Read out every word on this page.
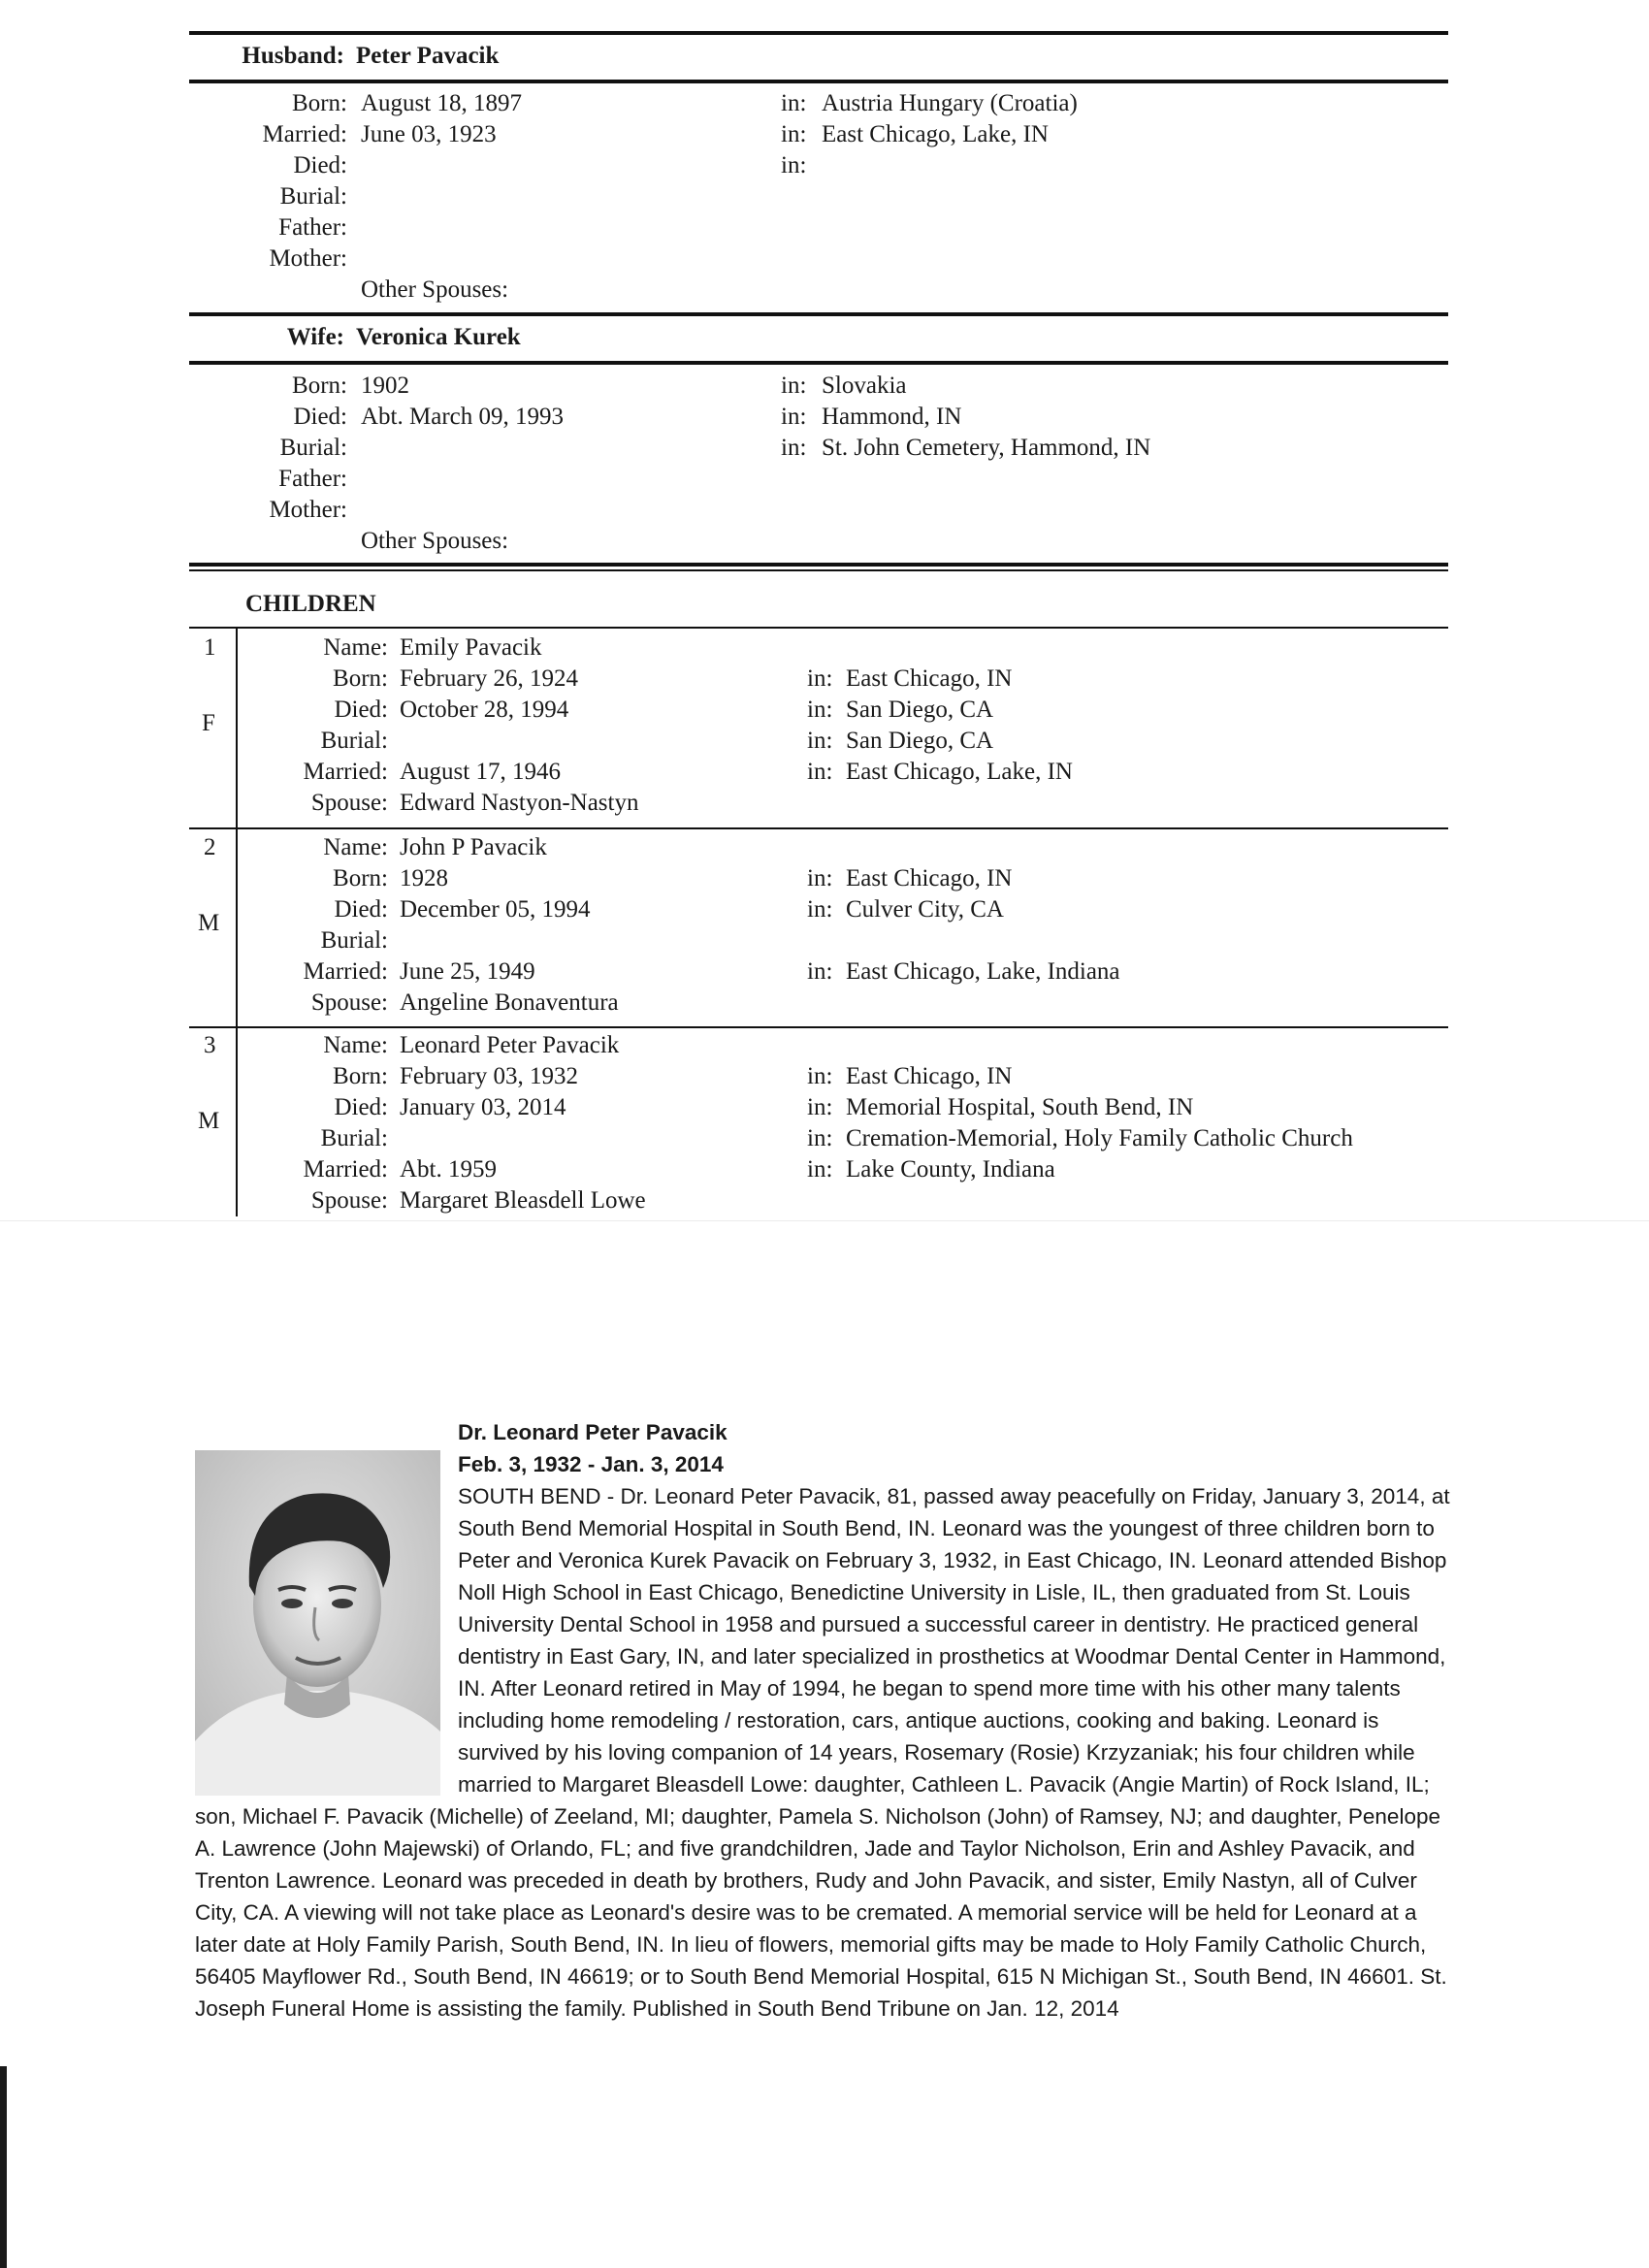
Husband: Peter Pavacik
Born: August 18, 1897	in: Austria Hungary (Croatia)
Married: June 03, 1923	in: East Chicago, Lake, IN
Died:	in:
Burial:
Father:
Mother:
Other Spouses:
Wife: Veronica Kurek
Born: 1902	in: Slovakia
Died: Abt. March 09, 1993	in: Hammond, IN
Burial:	in: St. John Cemetery, Hammond, IN
Father:
Mother:
Other Spouses:
CHILDREN
1
F
Name: Emily Pavacik
Born: February 26, 1924	in: East Chicago, IN
Died: October 28, 1994	in: San Diego, CA
Burial:	in: San Diego, CA
Married: August 17, 1946	in: East Chicago, Lake, IN
Spouse: Edward Nastyon-Nastyn
2
M
Name: John P Pavacik
Born: 1928	in: East Chicago, IN
Died: December 05, 1994	in: Culver City, CA
Burial:
Married: June 25, 1949	in: East Chicago, Lake, Indiana
Spouse: Angeline Bonaventura
3
M
Name: Leonard Peter Pavacik
Born: February 03, 1932	in: East Chicago, IN
Died: January 03, 2014	in: Memorial Hospital, South Bend, IN
Burial:	in: Cremation-Memorial, Holy Family Catholic Church
Married: Abt. 1959	in: Lake County, Indiana
Spouse: Margaret Bleasdell Lowe
Dr. Leonard Peter Pavacik
Feb. 3, 1932 - Jan. 3, 2014
SOUTH BEND - Dr. Leonard Peter Pavacik, 81, passed away peacefully on Friday, January 3, 2014, at South Bend Memorial Hospital in South Bend, IN. Leonard was the youngest of three children born to Peter and Veronica Kurek Pavacik on February 3, 1932, in East Chicago, IN. Leonard attended Bishop Noll High School in East Chicago, Benedictine University in Lisle, IL, then graduated from St. Louis University Dental School in 1958 and pursued a successful career in dentistry. He practiced general dentistry in East Gary, IN, and later specialized in prosthetics at Woodmar Dental Center in Hammond, IN. After Leonard retired in May of 1994, he began to spend more time with his other many talents including home remodeling / restoration, cars, antique auctions, cooking and baking. Leonard is survived by his loving companion of 14 years, Rosemary (Rosie) Krzyzaniak; his four children while married to Margaret Bleasdell Lowe: daughter, Cathleen L. Pavacik (Angie Martin) of Rock Island, IL; son, Michael F. Pavacik (Michelle) of Zeeland, MI; daughter, Pamela S. Nicholson (John) of Ramsey, NJ; and daughter, Penelope A. Lawrence (John Majewski) of Orlando, FL; and five grandchildren, Jade and Taylor Nicholson, Erin and Ashley Pavacik, and Trenton Lawrence. Leonard was preceded in death by brothers, Rudy and John Pavacik, and sister, Emily Nastyn, all of Culver City, CA. A viewing will not take place as Leonard's desire was to be cremated. A memorial service will be held for Leonard at a later date at Holy Family Parish, South Bend, IN. In lieu of flowers, memorial gifts may be made to Holy Family Catholic Church, 56405 Mayflower Rd., South Bend, IN 46619; or to South Bend Memorial Hospital, 615 N Michigan St., South Bend, IN 46601. St. Joseph Funeral Home is assisting the family. Published in South Bend Tribune on Jan. 12, 2014
